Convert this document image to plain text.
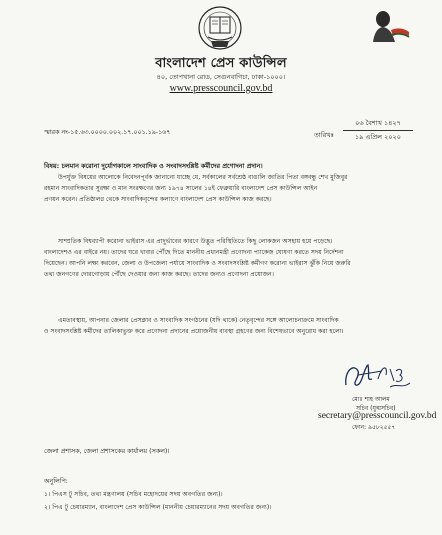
বাংলাদেশ প্রেস কাউন্সিল
৪০, তোপখানা রোড, সেগুনবাগিচা, ঢাকা-১০০০।
www.presscouncil.gov.bd
স্মারক নং-১৫.৬৩.০০০০.০০২.১৭.০০১.১৯-১৬৭	তারিখঃ
০৬ বৈশাখ ১৪২৭
১৯ এপ্রিল ২০২০
বিষয়: চলমান করোনা দুর্যোগকালে সাংবাদিক ও সংবাদসংশ্লিষ্ট কর্মীদের প্রণোদনা প্রদান।
উপর্যুক্ত বিষয়ের আলোকে নিবেদনপূর্বক জানানো যাচ্ছে যে, সর্বকালের সর্বশ্রেষ্ঠ বাঙালি জাতির পিতা বঙ্গবন্ধু শেখ মুজিবুর
রহমান সাংবাদিকতার সুরক্ষা ও মান সংরক্ষণের জন্য ১৯৭৪ সালের ১৪ই ফেব্রুয়ারি বাংলাদেশ প্রেস কাউন্সিল আইন
প্রণয়ন করেন। প্রতিষ্ঠালগ্ন থেকে সাংবাদিকবৃন্দের কল্যাণে বাংলাদেশ প্রেস কাউন্সিল কাজ করছে।
সাম্প্রতিক বিশ্বব্যাপী করোনা ভাইরাস এর প্রাদুর্ভাবের কারণে উদ্ভূত পরিস্থিতিতে কিছু লোকজন অসহায় হয়ে পড়েছে।
বাংলাদেশও এর বাইরে নয়। তাদের ঘরে খাবার পৌঁছে দিতে মাননীয় প্রধানমন্ত্রী প্রণোদনা প্যাকেজ ঘোষণা করতে সদয় নির্দেশনা
দিয়েছেন। আপনি লক্ষ্য করবেন, জেলা ও উপজেলা পর্যায়ে সাংবাদিক ও সংবাদসংশ্লিষ্ট কর্মীগণ করোনা ভাইরাস ঝুঁকি নিয়ে জরুরি
তথ্য জনগণের দোরগোড়ায় পৌঁছে দেওয়ার জন্য কাজ করছে। তাদের জন্যও প্রণোদনা প্রয়োজন।
এমতাবস্থায়, আপনার জেলার প্রেসক্লাব ও সাংবাদিক সংগঠনের (যদি থাকে) নেতৃবৃন্দের সঙ্গে আলোচনাক্রমে সাংবাদিক
ও সংবাদসংশ্লিষ্ট কর্মীদের তালিকাভুক্ত করে প্রণোদনা প্রদানের প্রয়োজনীয় ব্যবস্থা গ্রহণের জন্য বিশেষভাবে অনুরোধ করা হলো।
মোঃ শাহ আলম
সচিব (যুগ্মসচিব)
secretary@presscouncil.gov.bd
ফোন: ৯৫৮২৫৫৭
জেলা প্রশাসক, জেলা প্রশাসকের কার্যালয় (সকল)।
অনুলিপি:
১। পিএস টু সচিব, তথ্য মন্ত্রণালয় (সচিব মহোদয়ের সদয় অবগতির জন্য)।
২। পিএ টু চেয়ারম্যান, বাংলাদেশ প্রেস কাউন্সিল (মাননীয় চেয়ারম্যানের সদয় অবগতির জন্য)।
